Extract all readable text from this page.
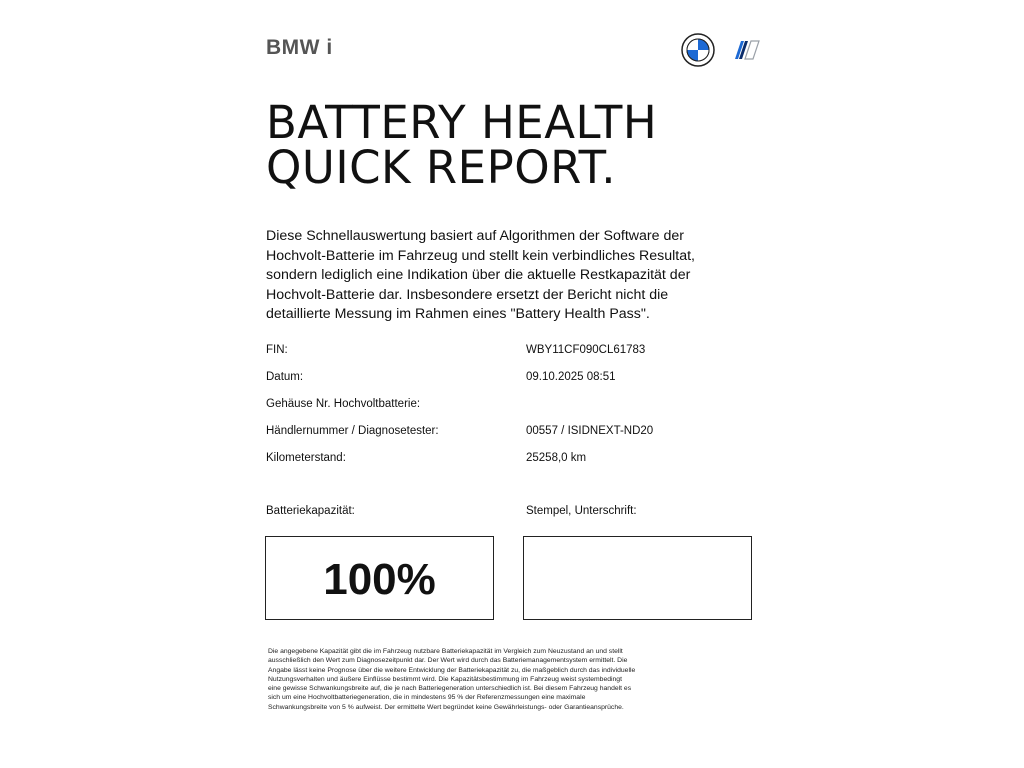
BMW i
BATTERY HEALTH
QUICK REPORT.

Diese Schnellauswertung basiert auf Algorithmen der Software der
Hochvolt-Batterie im Fahrzeug und stellt kein verbindliches Resultat,
sondern lediglich eine Indikation über die aktuelle Restkapazität der
Hochvolt-Batterie dar. Insbesondere ersetzt der Bericht nicht die
detaillierte Messung im Rahmen eines "Battery Health Pass".

FIN:	WBY11CF090CL61783
Datum:	09.10.2025 08:51
Gehäuse Nr. Hochvoltbatterie:
Händlernummer / Diagnosetester:	00557 / ISIDNEXT-ND20
Kilometerstand:	25258,0 km
Batteriekapazität:	Stempel, Unterschrift:
100%

Die angegebene Kapazität gibt die im Fahrzeug nutzbare Batteriekapazität im Vergleich zum Neuzustand an und stellt
ausschließlich den Wert zum Diagnosezeitpunkt dar. Der Wert wird durch das Batteriemanagementsystem ermittelt. Die
Angabe lässt keine Prognose über die weitere Entwicklung der Batteriekapazität zu, die maßgeblich durch das individuelle
Nutzungsverhalten und äußere Einflüsse bestimmt wird. Die Kapazitätsbestimmung im Fahrzeug weist systembedingt
eine gewisse Schwankungsbreite auf, die je nach Batteriegeneration unterschiedlich ist. Bei diesem Fahrzeug handelt es
sich um eine Hochvoltbatteriegeneration, die in mindestens 95 % der Referenzmessungen eine maximale
Schwankungsbreite von 5 % aufweist. Der ermittelte Wert begründet keine Gewährleistungs- oder Garantieansprüche.
